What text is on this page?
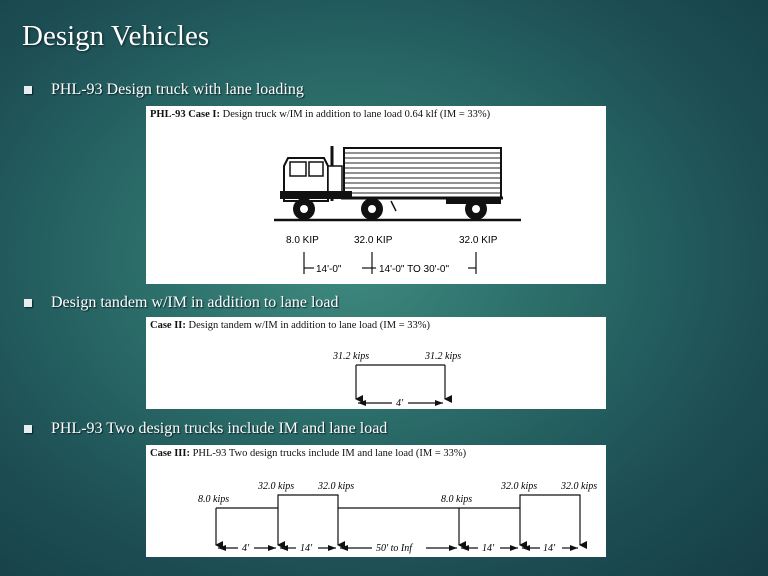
Design Vehicles
PHL-93 Design truck with lane loading
PHL-93 Case I: Design truck w/IM in addition to lane load 0.64 klf (IM = 33%)
8.0 KIP	32.0 KIP	32.0 KIP
14'-0"	14'-0" TO 30'-0"
Design tandem w/IM in addition to lane load
Case II: Design tandem w/IM in addition to lane load (IM = 33%)
31.2 kips	31.2 kips
4'
PHL-93 Two design trucks include IM and lane load
Case III: PHL-93 Two design trucks include IM and lane load (IM = 33%)
8.0 kips
32.0 kips 32.0 kips
8.0 kips
32.0 kips 32.0 kips
4'	14'	50' to Inf	14'	14'
